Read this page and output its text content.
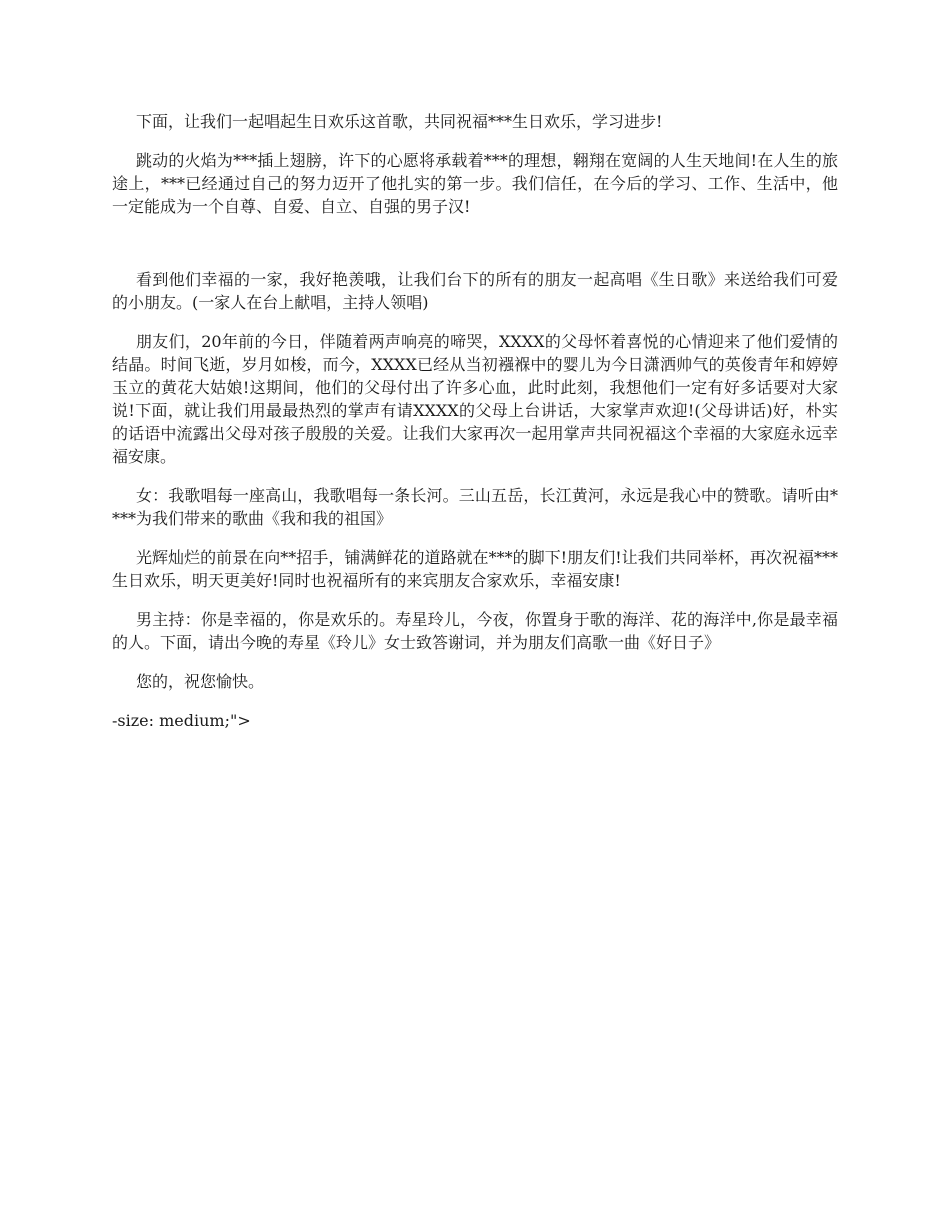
下面，让我们一起唱起生日欢乐这首歌，共同祝福***生日欢乐，学习进步!

跳动的火焰为***插上翅膀，许下的心愿将承载着***的理想，翱翔在宽阔的人生天地间!在人生的旅途上，***已经通过自己的努力迈开了他扎实的第一步。我们信任，在今后的学习、工作、生活中，他一定能成为一个自尊、自爱、自立、自强的男子汉!

看到他们幸福的一家，我好艳羡哦，让我们台下的所有的朋友一起高唱《生日歌》来送给我们可爱的小朋友。(一家人在台上献唱，主持人领唱)

朋友们，20年前的今日，伴随着两声响亮的啼哭，XXXX的父母怀着喜悦的心情迎来了他们爱情的结晶。时间飞逝，岁月如梭，而今，XXXX已经从当初襁褓中的婴儿为今日潇洒帅气的英俊青年和婷婷玉立的黄花大姑娘!这期间，他们的父母付出了许多心血，此时此刻，我想他们一定有好多话要对大家说!下面，就让我们用最最热烈的掌声有请XXXX的父母上台讲话，大家掌声欢迎!(父母讲话)好，朴实的话语中流露出父母对孩子殷殷的关爱。让我们大家再次一起用掌声共同祝福这个幸福的大家庭永远幸福安康。

女：我歌唱每一座高山，我歌唱每一条长河。三山五岳，长江黄河，永远是我心中的赞歌。请听由****为我们带来的歌曲《我和我的祖国》

光辉灿烂的前景在向**招手，铺满鲜花的道路就在***的脚下!朋友们!让我们共同举杯，再次祝福***生日欢乐，明天更美好!同时也祝福所有的来宾朋友合家欢乐，幸福安康!

男主持：你是幸福的，你是欢乐的。寿星玲儿，今夜，你置身于歌的海洋、花的海洋中,你是最幸福的人。下面，请出今晚的寿星《玲儿》女士致答谢词，并为朋友们高歌一曲《好日子》

您的，祝您愉快。

-size: medium;">
